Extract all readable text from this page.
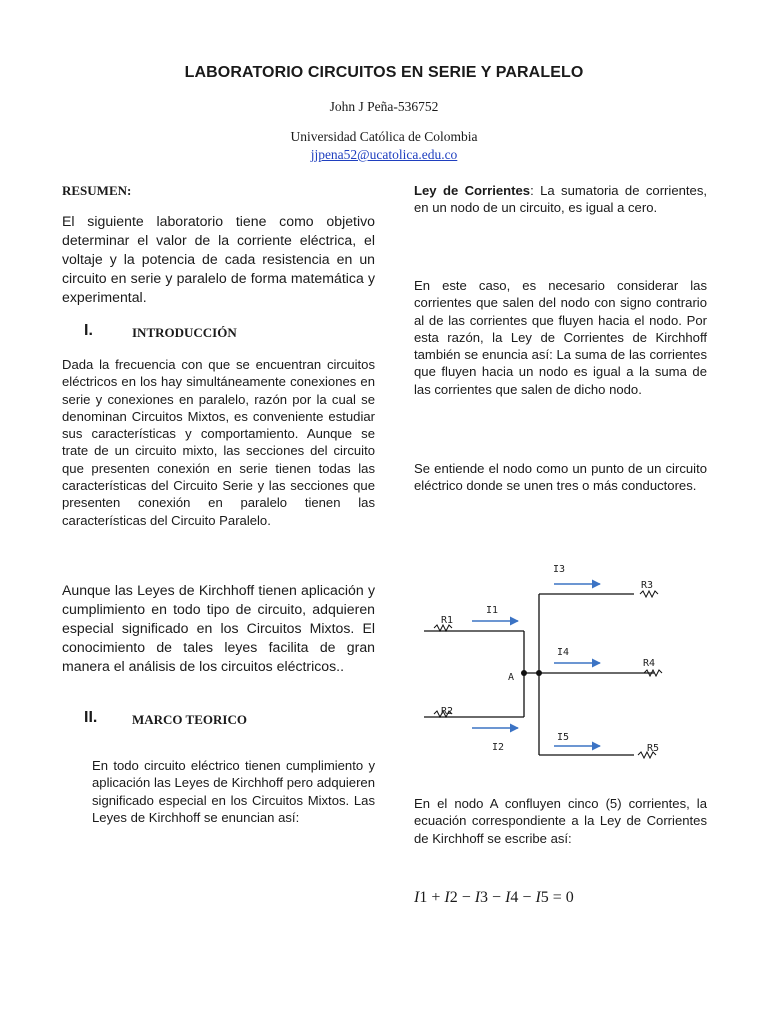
LABORATORIO CIRCUITOS EN SERIE Y PARALELO
John J Peña-536752
Universidad Católica de Colombia
jjpena52@ucatolica.edu.co
RESUMEN:

El siguiente laboratorio tiene como objetivo determinar el valor de la corriente eléctrica, el voltaje y la potencia de cada resistencia en un circuito en serie y paralelo de forma matemática y experimental.

I.	INTRODUCCIÓN

Dada la frecuencia con que se encuentran circuitos eléctricos en los hay simultáneamente conexiones en serie y conexiones en paralelo, razón por la cual se denominan Circuitos Mixtos, es conveniente estudiar sus características y comportamiento. Aunque se trate de un circuito mixto, las secciones del circuito que presenten conexión en serie tienen todas las características del Circuito Serie y las secciones que presenten conexión en paralelo tienen las características del Circuito Paralelo.

Aunque las Leyes de Kirchhoff tienen aplicación y cumplimiento en todo tipo de circuito, adquieren especial significado en los Circuitos Mixtos. El conocimiento de tales leyes facilita de gran manera el análisis de los circuitos eléctricos..

II.	MARCO TEORICO

En todo circuito eléctrico tienen cumplimiento y aplicación las Leyes de Kirchhoff pero adquieren significado especial en los Circuitos Mixtos. Las Leyes de Kirchhoff se enuncian así:

Ley de Corrientes: La sumatoria de corrientes, en un nodo de un circuito, es igual a cero.

En este caso, es necesario considerar las corrientes que salen del nodo con signo contrario al de las corrientes que fluyen hacia el nodo. Por esta razón, la Ley de Corrientes de Kirchhoff también se enuncia así: La suma de las corrientes que fluyen hacia un nodo es igual a la suma de las corrientes que salen de dicho nodo.

Se entiende el nodo como un punto de un circuito eléctrico donde se unen tres o más conductores.

I3
R3
I1
R1
I4
R4
A
R2
I5
I2	R5

En el nodo A confluyen cinco (5) corrientes, la ecuación correspondiente a la Ley de Corrientes de Kirchhoff se escribe así:

I1 + I2 − I3 − I4 − I5 = 0
